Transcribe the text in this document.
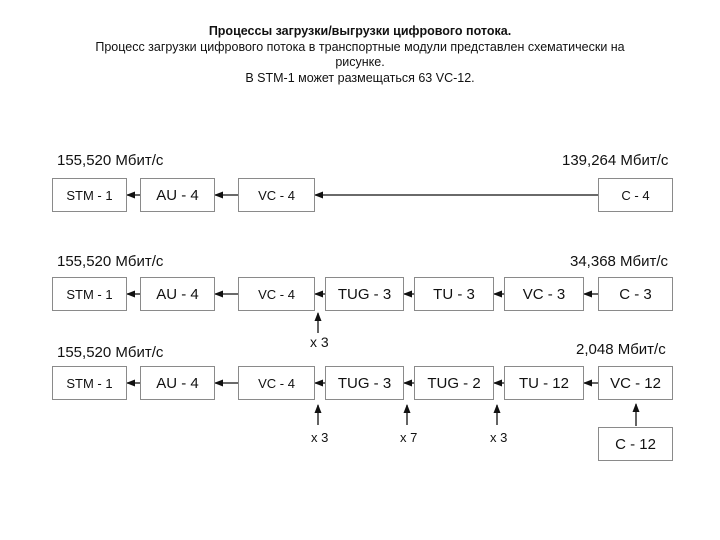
Процессы загрузки/выгрузки цифрового потока.
Процесс загрузки цифрового потока в транспортные модули представлен схематически на
рисунке.
В STM-1 может размещаться 63 VC-12.
155,520 Мбит/с	139,264 Мбит/с
STM - 1	AU - 4	VC - 4	C - 4
155,520 Мбит/с	34,368 Мбит/с
STM - 1	AU - 4	VC - 4	TUG - 3	TU - 3	VC - 3	C - 3
x 3
155,520 Мбит/с	2,048 Мбит/с
STM - 1	AU - 4	VC - 4	TUG - 3	TUG - 2	TU - 12	VC - 12
x 3	x 7	x 3	C - 12
